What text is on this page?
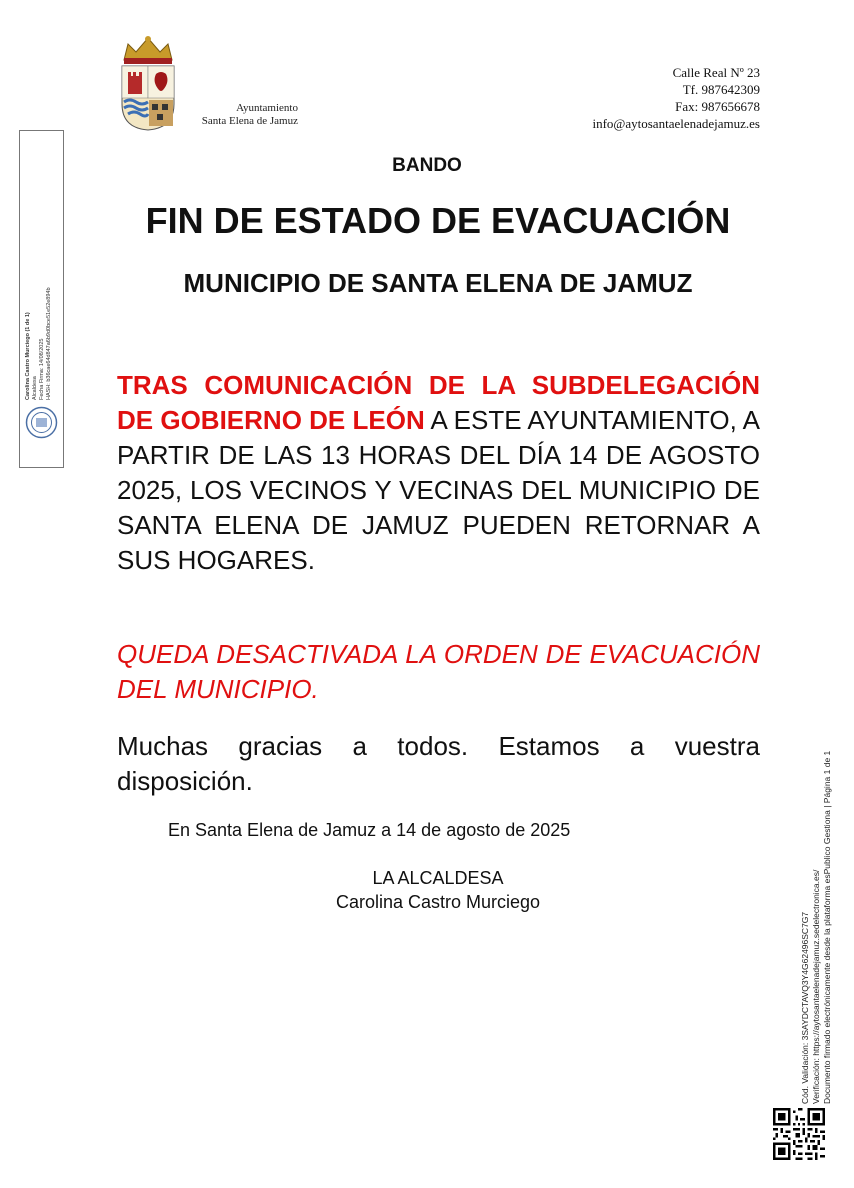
Ayuntamiento
Santa Elena de Jamuz
Calle Real Nº 23
Tf. 987642309
Fax: 987656678
info@aytosantaelenadejamuz.es
Carolina Castro Murciego (1 de 1) Alcaldesa Fecha Firma: 14/08/2025 HASH: b36cae64d847a6b9d0bce51e52e894b
BANDO
FIN DE ESTADO DE EVACUACIÓN
MUNICIPIO DE SANTA ELENA DE JAMUZ
TRAS COMUNICACIÓN DE LA SUBDELEGACIÓN DE GOBIERNO DE LEÓN A ESTE AYUNTAMIENTO, A PARTIR DE LAS 13 HORAS DEL DÍA 14 DE AGOSTO 2025, LOS VECINOS Y VECINAS DEL MUNICIPIO DE SANTA ELENA DE JAMUZ PUEDEN RETORNAR A SUS HOGARES.
QUEDA DESACTIVADA LA ORDEN DE EVACUACIÓN DEL MUNICIPIO.
Muchas gracias a todos. Estamos a vuestra disposición.
En Santa Elena de Jamuz a 14 de agosto de 2025
LA ALCALDESA
Carolina Castro Murciego
Cód. Validación: 3SAYDCTAVQ3Y4G62496SC7G7 Verificación: https://aytosantaelenadejamuz.sedelectronica.es/ Documento firmado electrónicamente desde la plataforma esPublico Gestiona | Página 1 de 1
